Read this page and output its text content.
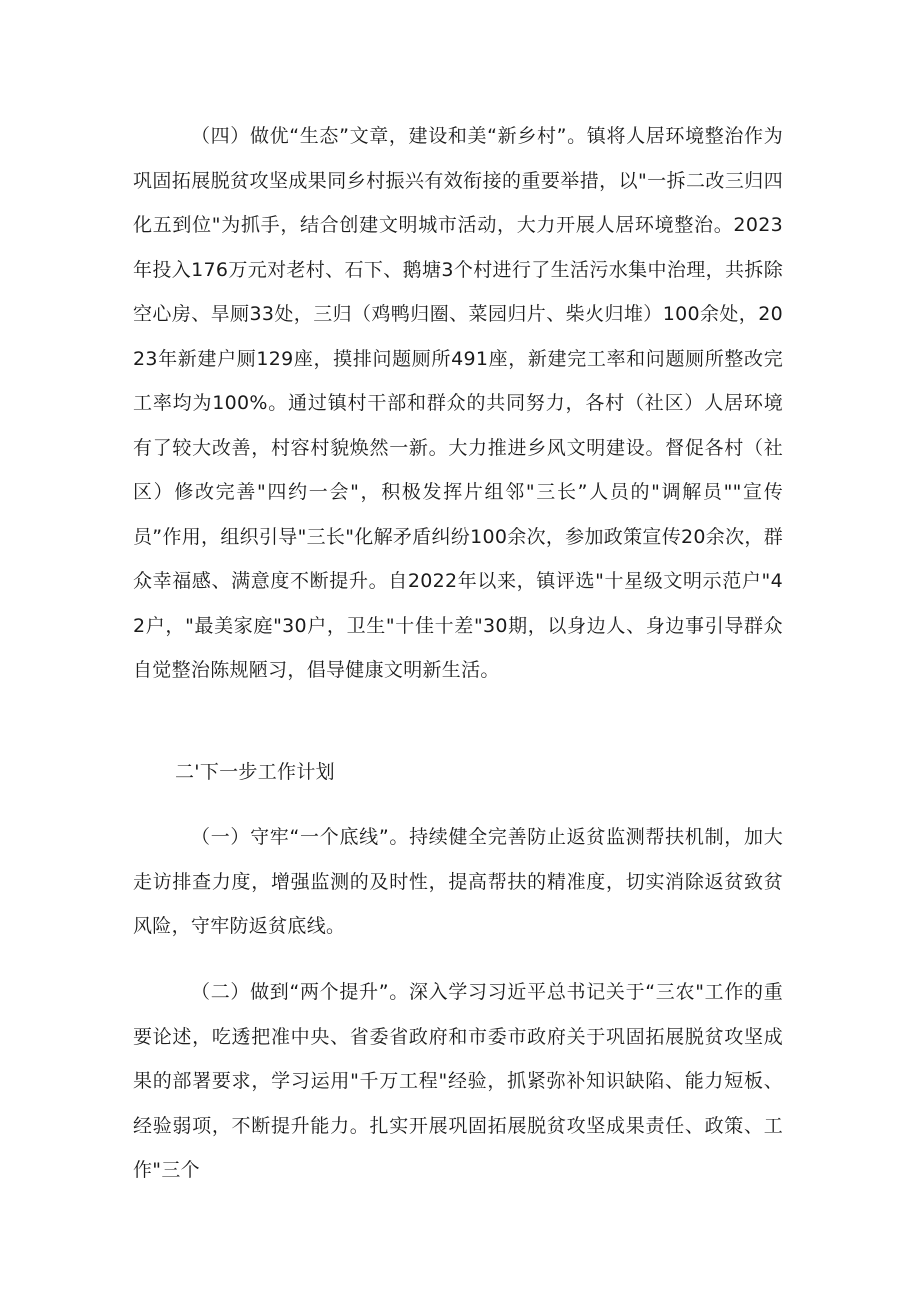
（四）做优“生态”文章，建设和美“新乡村”。镇将人居环境整治作为巩固拓展脱贫攻坚成果同乡村振兴有效衔接的重要举措，以"一拆二改三归四化五到位"为抓手，结合创建文明城市活动，大力开展人居环境整治。2023年投入176万元对老村、石下、鹅塘3个村进行了生活污水集中治理，共拆除空心房、旱厕33处，三归（鸡鸭归圈、菜园归片、柴火归堆）100余处，2023年新建户厕129座，摸排问题厕所491座，新建完工率和问题厕所整改完工率均为100%。通过镇村干部和群众的共同努力，各村（社区）人居环境有了较大改善，村容村貌焕然一新。大力推进乡风文明建设。督促各村（社区）修改完善"四约一会"，积极发挥片组邻"三长”人员的"调解员""宣传员”作用，组织引导"三长"化解矛盾纠纷100余次，参加政策宣传20余次，群众幸福感、满意度不断提升。自2022年以来，镇评选"十星级文明示范户"42户，"最美家庭"30户，卫生"十佳十差"30期，以身边人、身边事引导群众自觉整治陈规陋习，倡导健康文明新生活。

二'下一步工作计划

（一）守牢“一个底线”。持续健全完善防止返贫监测帮扶机制，加大走访排查力度，增强监测的及时性，提高帮扶的精准度，切实消除返贫致贫风险，守牢防返贫底线。

（二）做到“两个提升”。深入学习习近平总书记关于“三农"工作的重要论述，吃透把准中央、省委省政府和市委市政府关于巩固拓展脱贫攻坚成果的部署要求，学习运用"千万工程"经验，抓紧弥补知识缺陷、能力短板、经验弱项，不断提升能力。扎实开展巩固拓展脱贫攻坚成果责任、政策、工作"三个
